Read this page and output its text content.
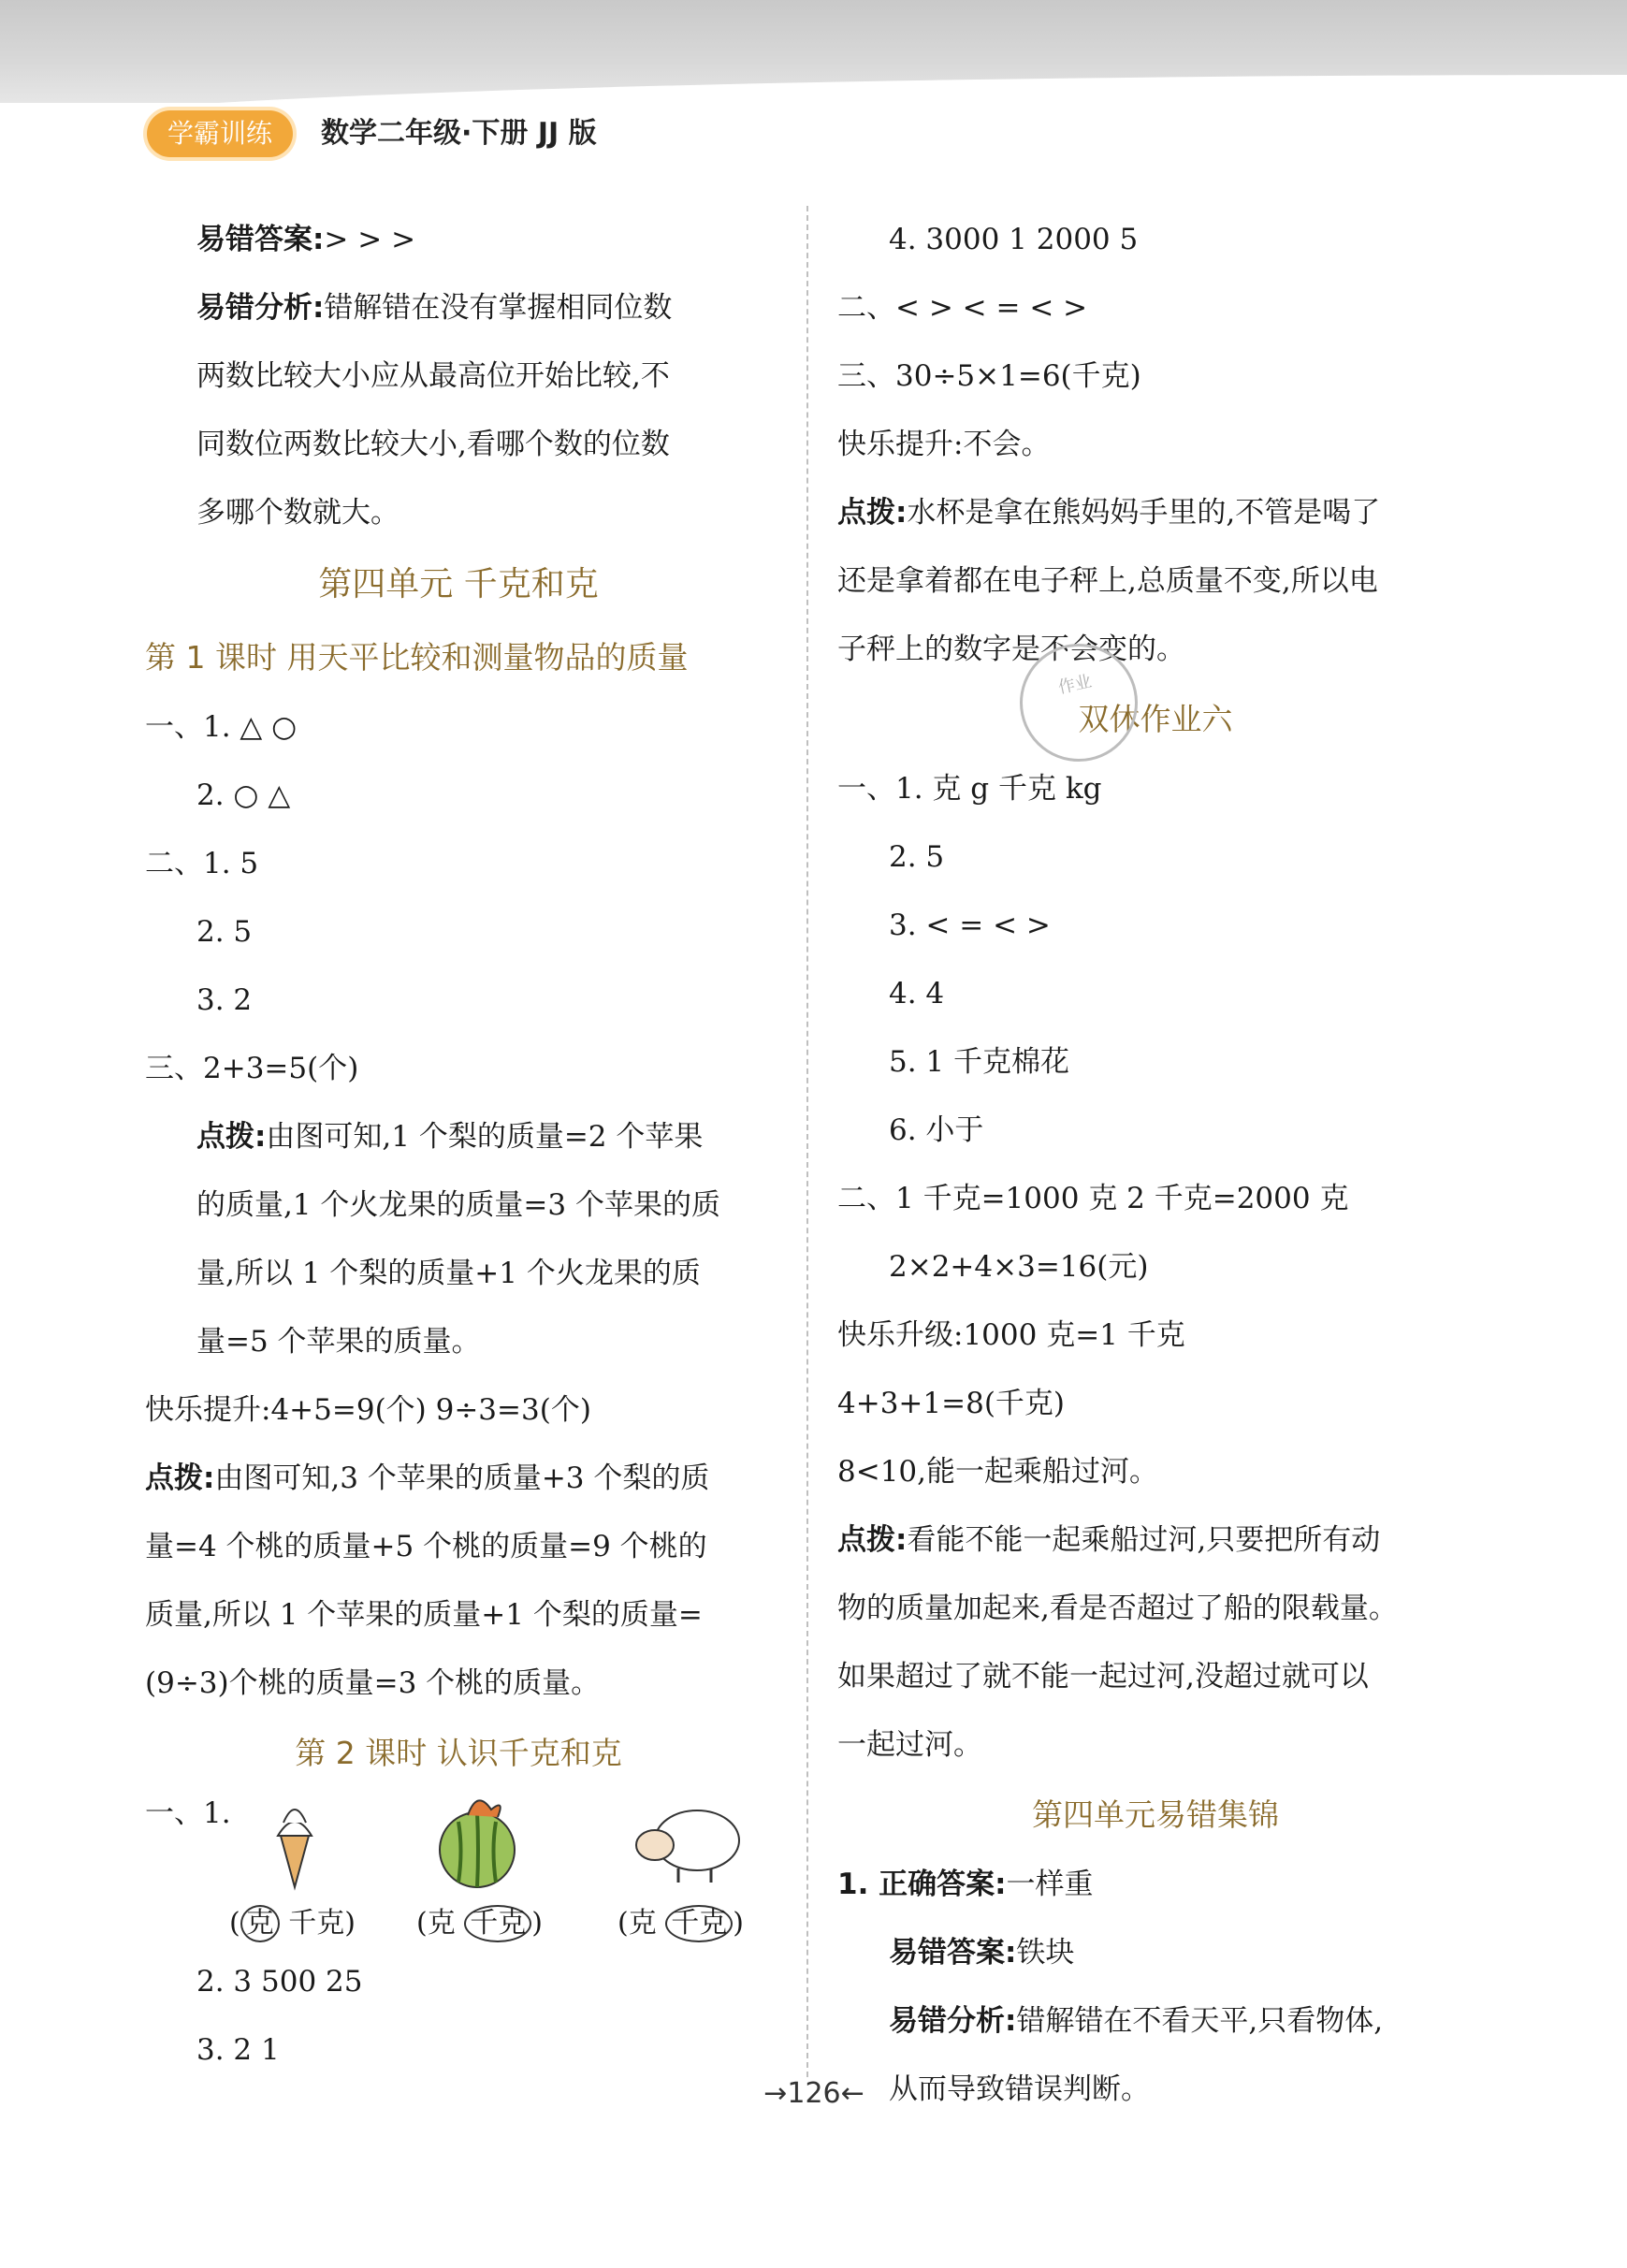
学霸训练	数学二年级·下册 JJ 版
易错答案:> > >
易错分析:错解错在没有掌握相同位数
两数比较大小应从最高位开始比较,不
同数位两数比较大小,看哪个数的位数
多哪个数就大。
第四单元 千克和克
第 1 课时 用天平比较和测量物品的质量
一、1. △ ○
2. ○ △
二、1. 5
2. 5
3. 2
三、2+3=5(个)
点拨:由图可知,1 个梨的质量=2 个苹果
的质量,1 个火龙果的质量=3 个苹果的质
量,所以 1 个梨的质量+1 个火龙果的质
量=5 个苹果的质量。
快乐提升:4+5=9(个) 9÷3=3(个)
点拨:由图可知,3 个苹果的质量+3 个梨的质
量=4 个桃的质量+5 个桃的质量=9 个桃的
质量,所以 1 个苹果的质量+1 个梨的质量=
(9÷3)个桃的质量=3 个桃的质量。
第 2 课时 认识千克和克
一、1.
( 克 千克) (克 千克 )	(克 千克 )
2. 3 500 25
3. 2 1
4. 3000 1 2000 5
二、< > < = < >
三、30÷5×1=6(千克)
快乐提升:不会。
点拨:水杯是拿在熊妈妈手里的,不管是喝了
还是拿着都在电子秤上,总质量不变,所以电
子秤上的数字是不会变的。
双休作业六
一、1. 克 g 千克 kg
2. 5
3. < = < >
4. 4
5. 1 千克棉花
6. 小于
二、1 千克=1000 克 2 千克=2000 克
2×2+4×3=16(元)
快乐升级:1000 克=1 千克
4+3+1=8(千克)
8<10,能一起乘船过河。
点拨:看能不能一起乘船过河,只要把所有动
物的质量加起来,看是否超过了船的限载量。
如果超过了就不能一起过河,没超过就可以
一起过河。
第四单元易错集锦
1. 正确答案:一样重
易错答案:铁块
易错分析:错解错在不看天平,只看物体,
从而导致错误判断。
作业
→126←
